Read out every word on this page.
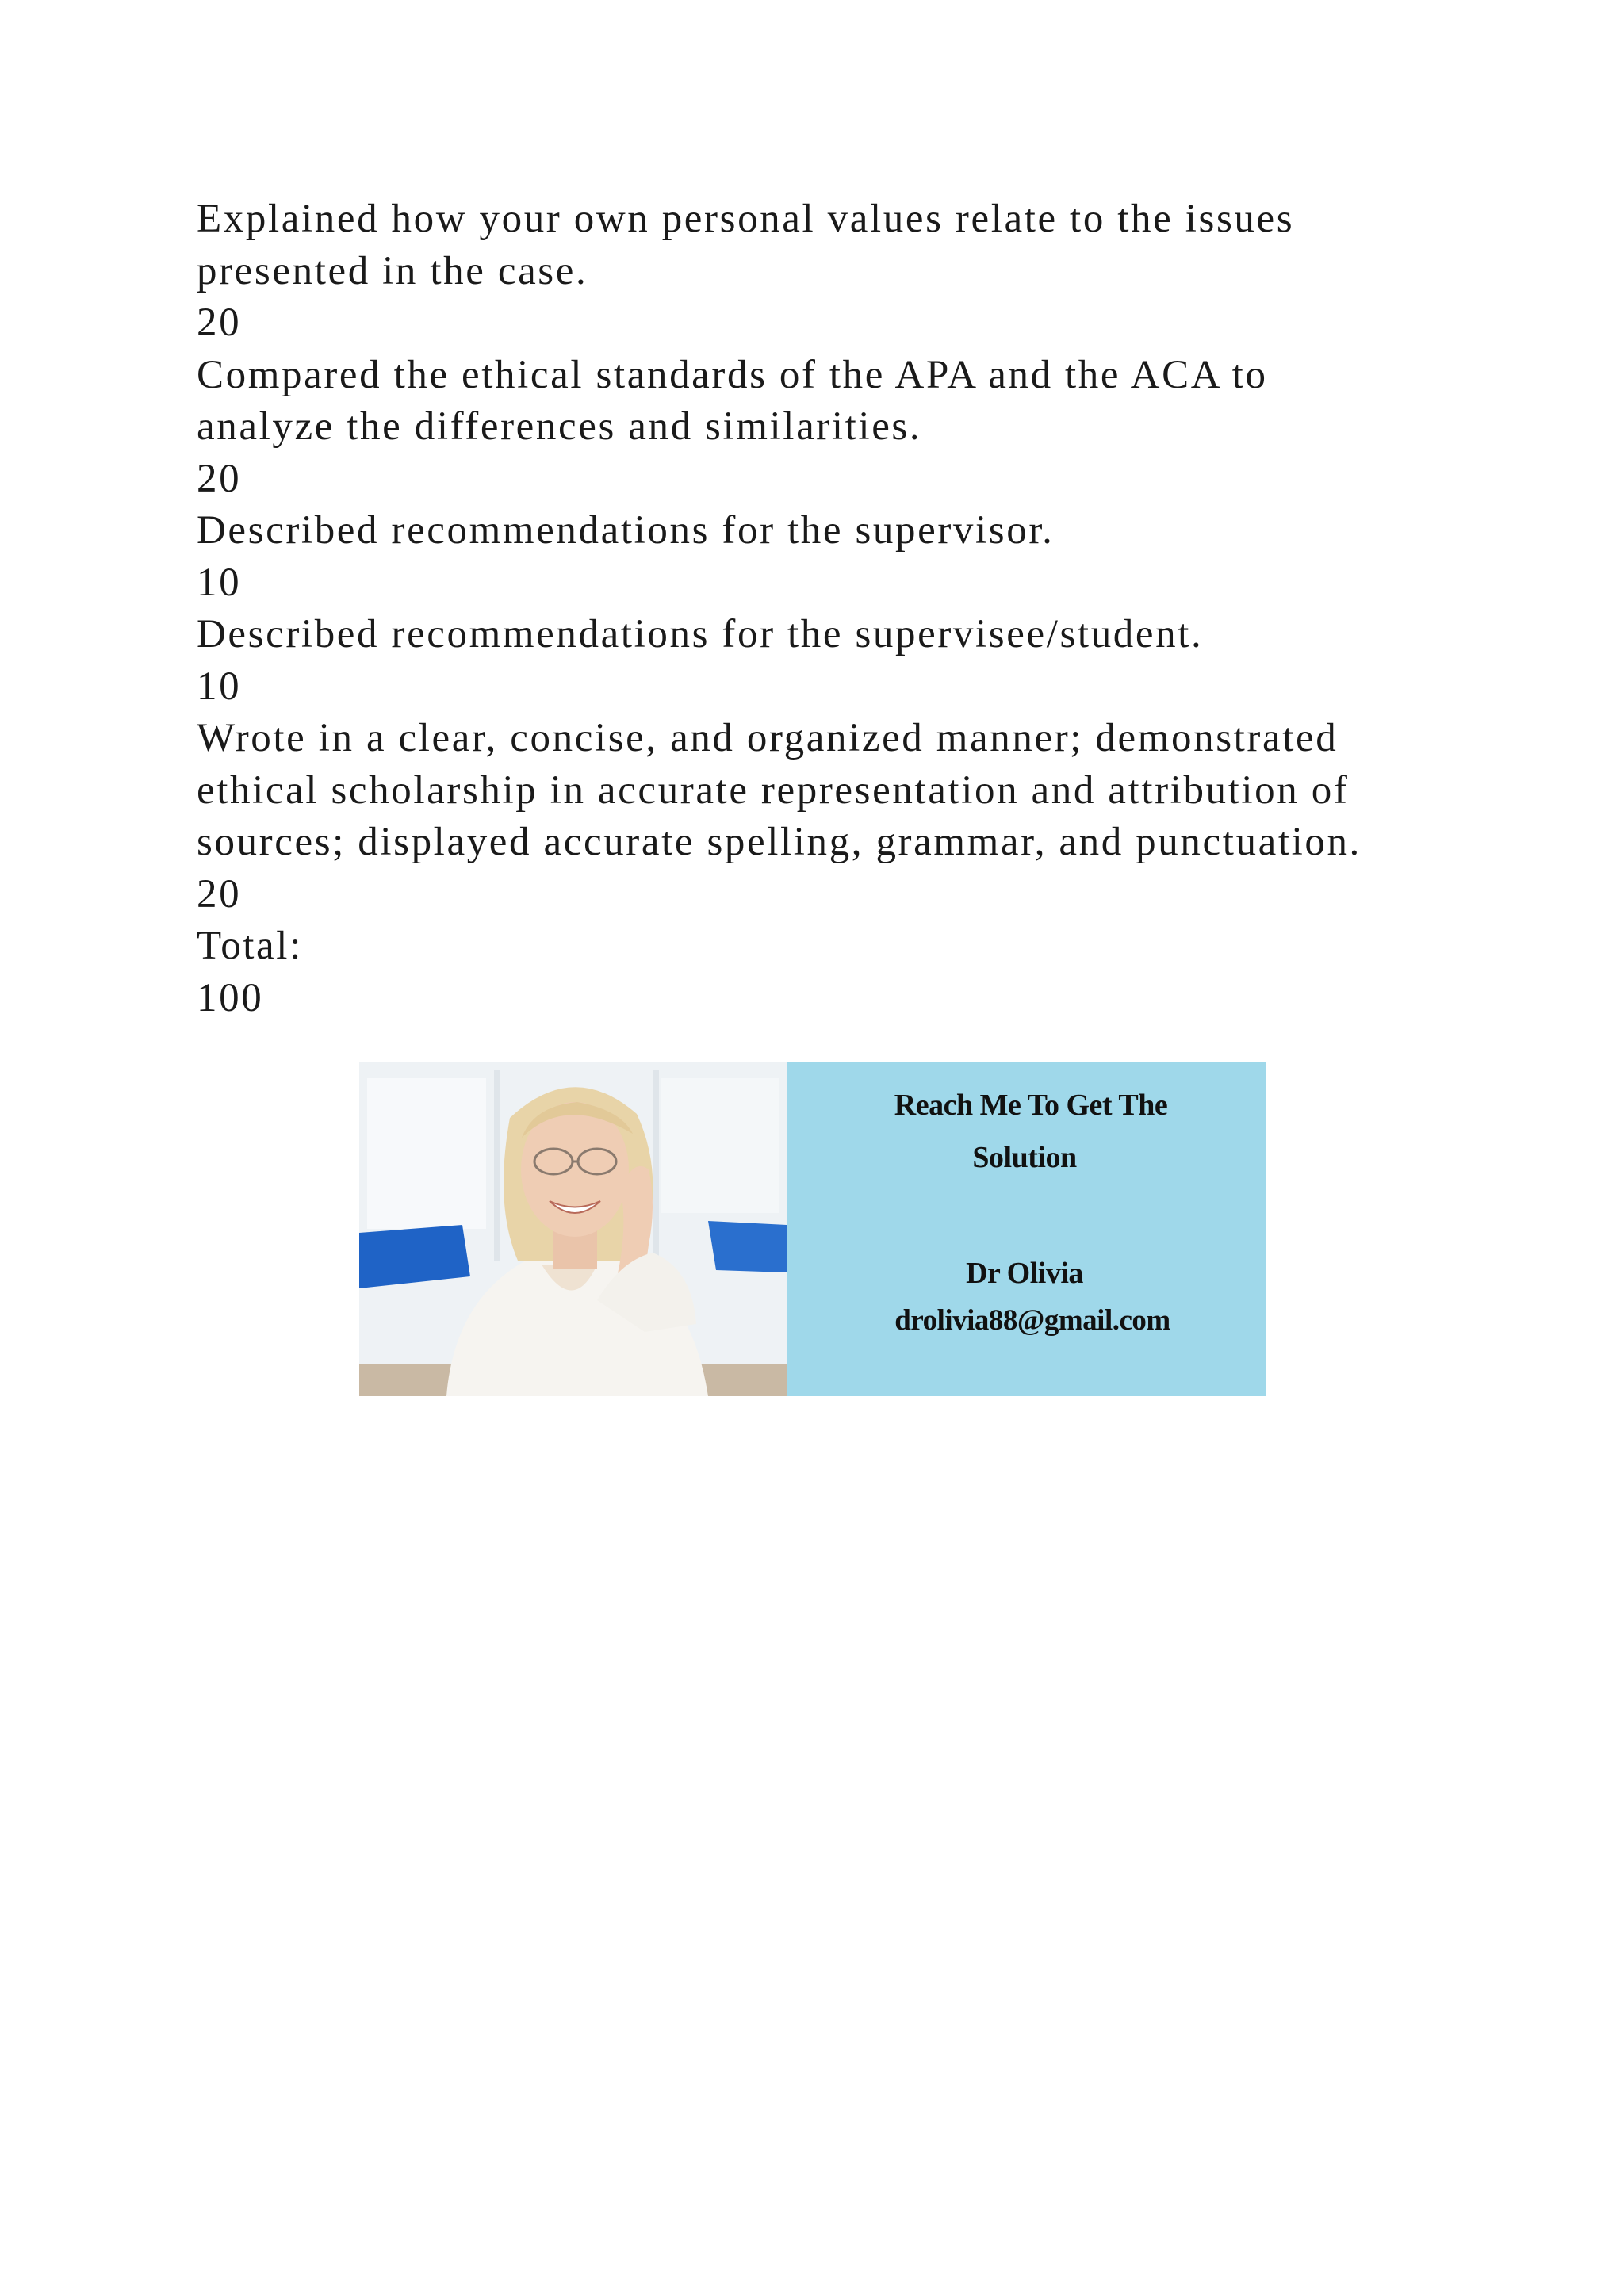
Explained how your own personal values relate to the issues
presented in the case.
20
Compared the ethical standards of the APA and the ACA to
analyze the differences and similarities.
20
Described recommendations for the supervisor.
10
Described recommendations for the supervisee/student.
10
Wrote in a clear, concise, and organized manner; demonstrated
ethical scholarship in accurate representation and attribution of
sources; displayed accurate spelling, grammar, and punctuation.
20
Total:
100
Reach Me To Get The
Solution
Dr Olivia
drolivia88@gmail.com
